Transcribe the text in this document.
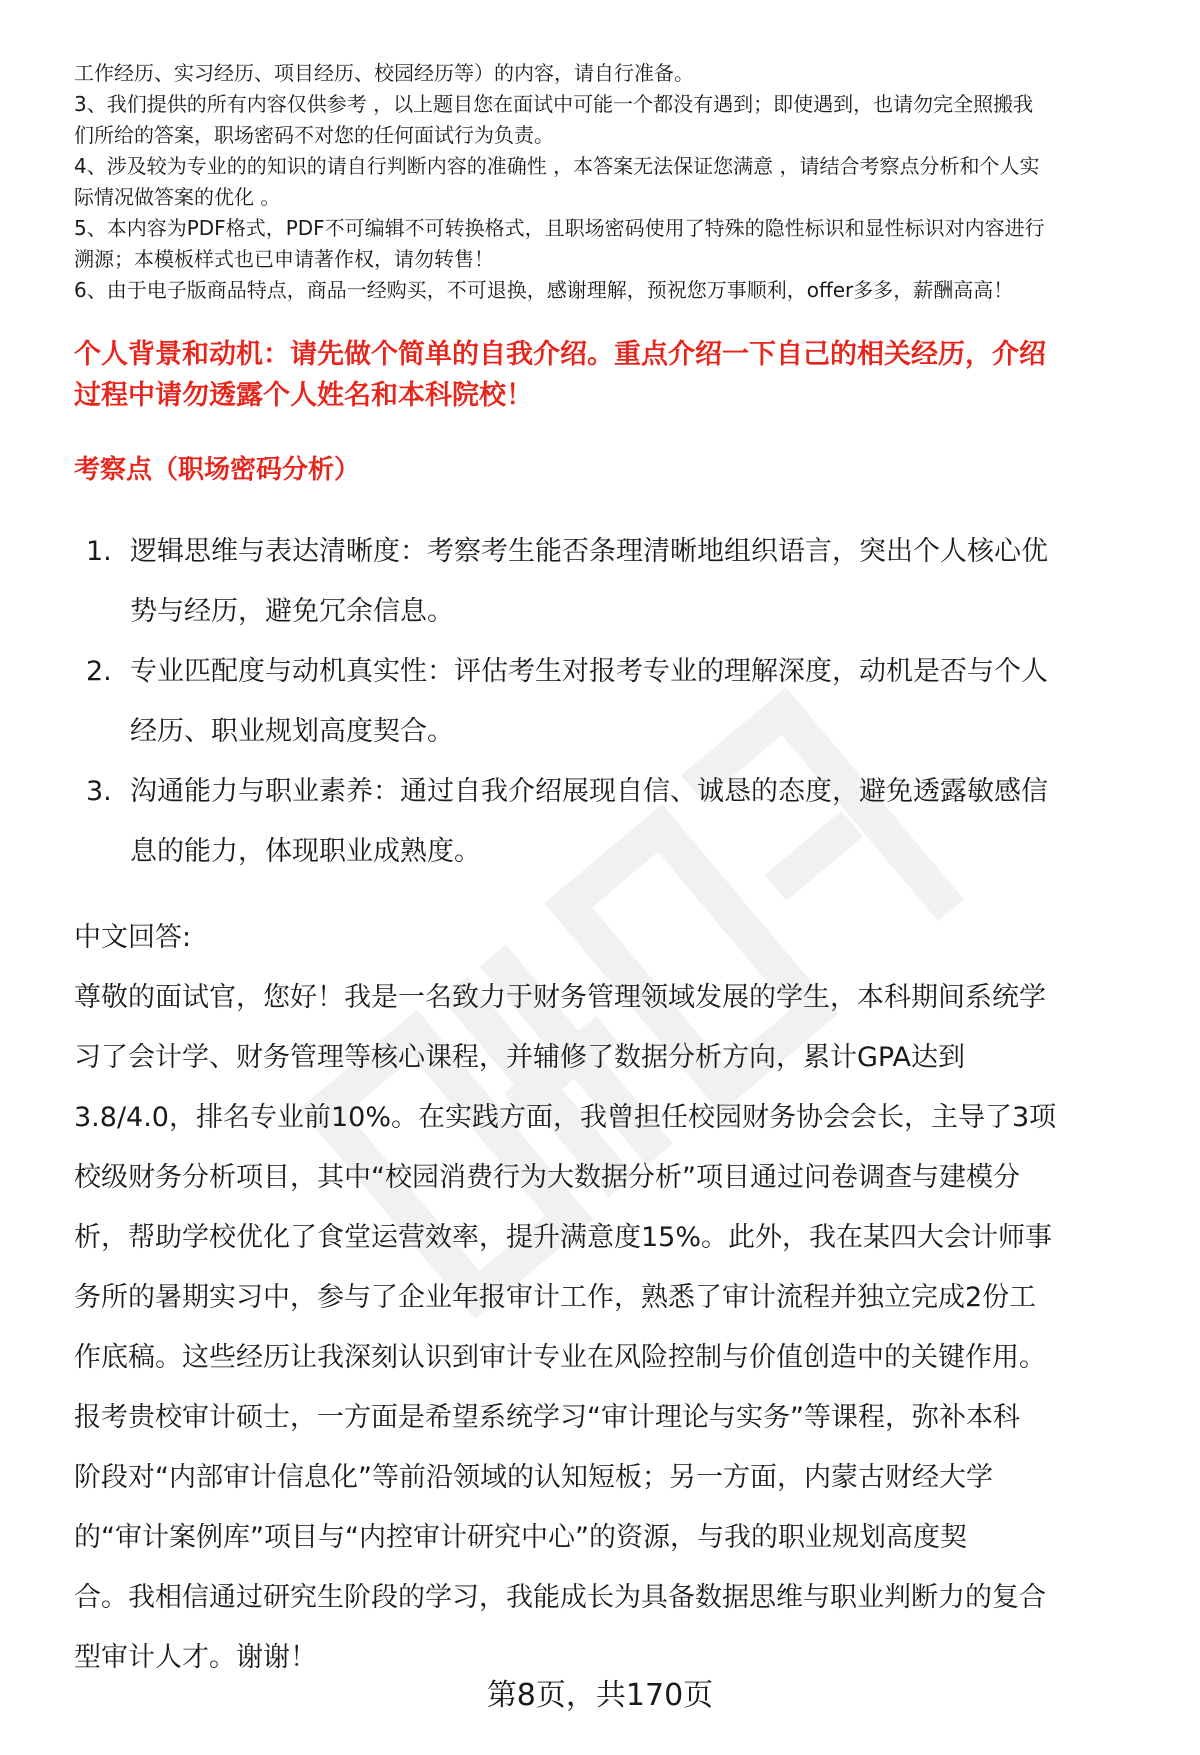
工作经历、实习经历、项目经历、校园经历等）的内容，请自行准备。

3、我们提供的所有内容仅供参考 ，以上题目您在面试中可能一个都没有遇到；即使遇到，也请勿完全照搬我

们所给的答案，职场密码不对您的任何面试行为负责。

4、涉及较为专业的的知识的请自行判断内容的准确性 ，本答案无法保证您满意 ，请结合考察点分析和个人实

际情况做答案的优化 。

5、本内容为PDF格式，PDF不可编辑不可转换格式，且职场密码使用了特殊的隐性标识和显性标识对内容进行

溯源；本模板样式也已申请著作权，请勿转售！

6、由于电子版商品特点，商品一经购买，不可退换，感谢理解，预祝您万事顺利，offer多多，薪酬高高！

个人背景和动机：请先做个简单的自我介绍。重点介绍一下自己的相关经历，介绍

过程中请勿透露个人姓名和本科院校！

考察点（职场密码分析）
1. 逻辑思维与表达清晰度：考察考生能否条理清晰地组织语言，突出个人核心优
势与经历，避免冗余信息。
2. 专业匹配度与动机真实性：评估考生对报考专业的理解深度，动机是否与个人
经历、职业规划高度契合。
3. 沟通能力与职业素养：通过自我介绍展现自信、诚恳的态度，避免透露敏感信
息的能力，体现职业成熟度。

中文回答:

尊敬的面试官，您好！我是一名致力于财务管理领域发展的学生，本科期间系统学

习了会计学、财务管理等核心课程，并辅修了数据分析方向，累计GPA达到

3.8/4.0，排名专业前10%。在实践方面，我曾担任校园财务协会会长，主导了3项

校级财务分析项目，其中“校园消费行为大数据分析”项目通过问卷调查与建模分

析，帮助学校优化了食堂运营效率，提升满意度15%。此外，我在某四大会计师事

务所的暑期实习中，参与了企业年报审计工作，熟悉了审计流程并独立完成2份工

作底稿。这些经历让我深刻认识到审计专业在风险控制与价值创造中的关键作用。

报考贵校审计硕士，一方面是希望系统学习“审计理论与实务”等课程，弥补本科

阶段对“内部审计信息化”等前沿领域的认知短板；另一方面，内蒙古财经大学

的“审计案例库”项目与“内控审计研究中心”的资源，与我的职业规划高度契

合。我相信通过研究生阶段的学习，我能成长为具备数据思维与职业判断力的复合

型审计人才。谢谢！

第8页，共170页
